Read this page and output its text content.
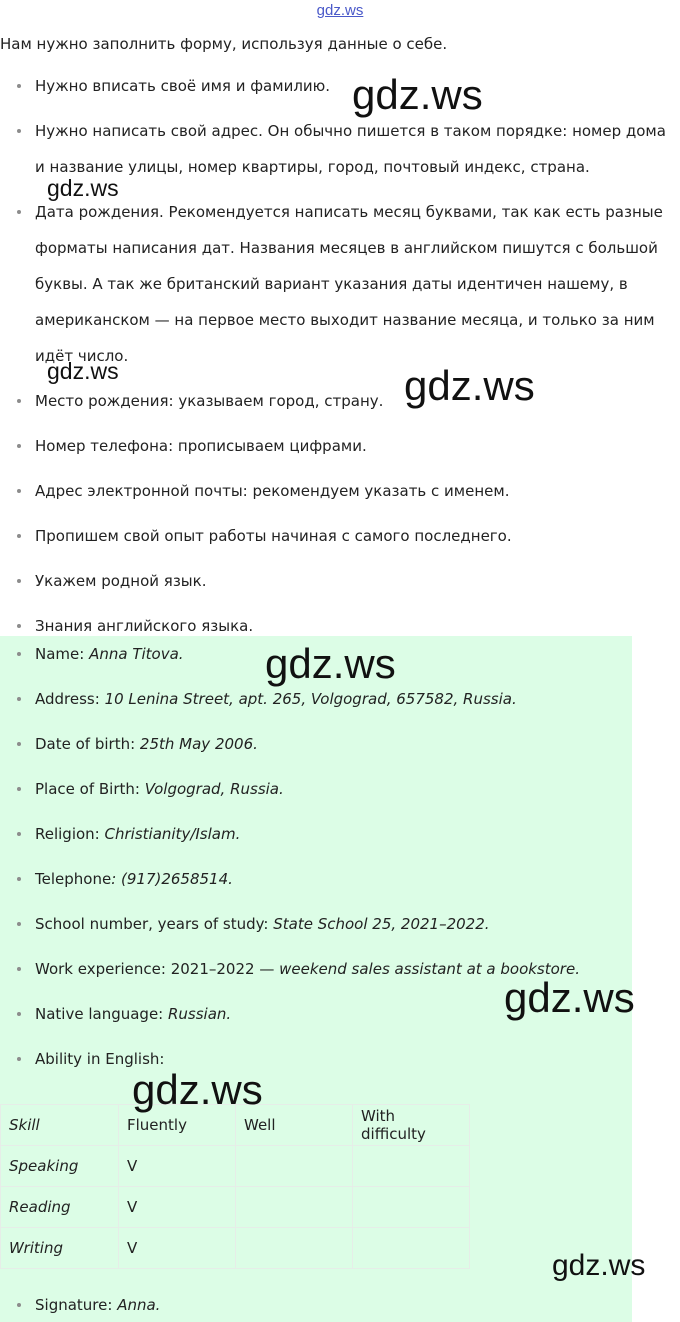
gdz.ws

Нам нужно заполнить форму, используя данные о себе.

Нужно вписать своё имя и фамилию.
Нужно написать свой адрес. Он обычно пишется в таком порядке: номер дома и название улицы, номер квартиры, город, почтовый индекс, страна.
Дата рождения. Рекомендуется написать месяц буквами, так как есть разные форматы написания дат. Названия месяцев в английском пишутся с большой буквы. А так же британский вариант указания даты идентичен нашему, в американском — на первое место выходит название месяца, и только за ним идёт число.
Место рождения: указываем город, страну.
Номер телефона: прописываем цифрами.
Адрес электронной почты: рекомендуем указать с именем.
Пропишем свой опыт работы начиная с самого последнего.
Укажем родной язык.
Знания английского языка.
Name: Anna Titova.
Address: 10 Lenina Street, apt. 265, Volgograd, 657582, Russia.
Date of birth: 25th May 2006.
Place of Birth: Volgograd, Russia.
Religion: Christianity/Islam.
Telephone: (917)2658514.
School number, years of study: State School 25, 2021–2022.
Work experience: 2021–2022 — weekend sales assistant at a bookstore.
Native language: Russian.
Ability in English:
Skill	Fluently	Well	With difficulty
Speaking	V		
Reading	V		
Writing	V		
Signature: Anna.
gdz.ws
gdz.ws
gdz.ws	gdz.ws
gdz.ws
gdz.ws
gdz.ws
gdz.ws
